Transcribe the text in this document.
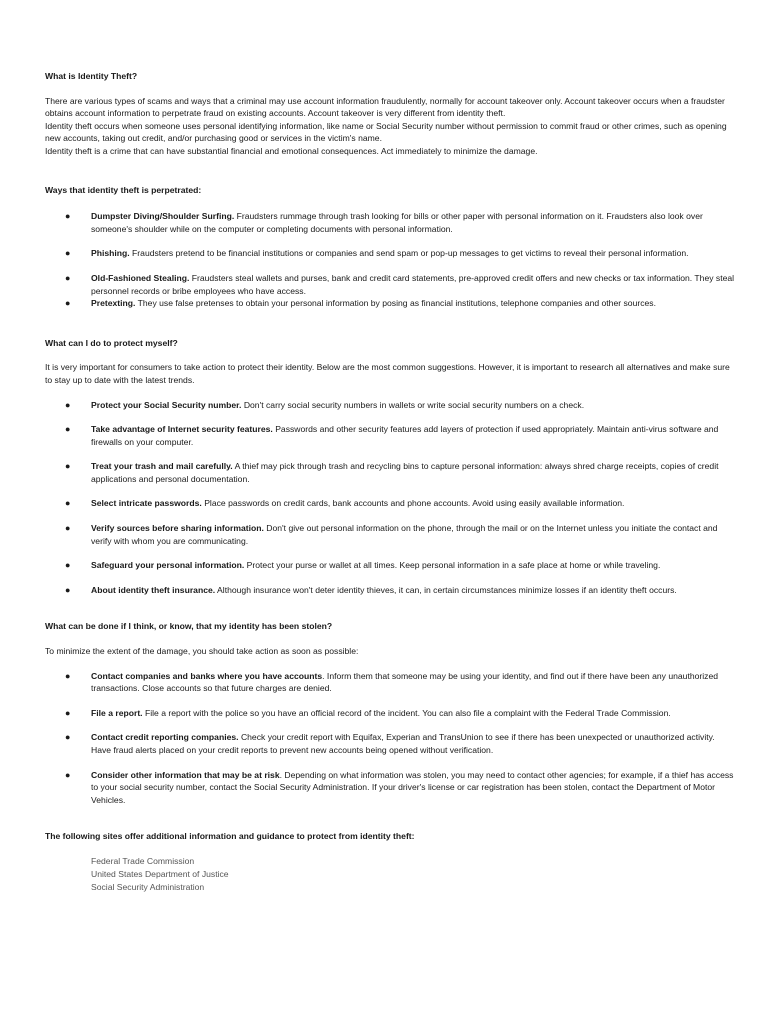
What is Identity Theft?

There are various types of scams and ways that a criminal may use account information fraudulently, normally for account takeover only. Account takeover occurs when a fraudster obtains account information to perpetrate fraud on existing accounts. Account takeover is very different from identity theft.

Identity theft occurs when someone uses personal identifying information, like name or Social Security number without permission to commit fraud or other crimes, such as opening new accounts, taking out credit, and/or purchasing good or services in the victim's name.

Identity theft is a crime that can have substantial financial and emotional consequences. Act immediately to minimize the damage.

Ways that identity theft is perpetrated:

● Dumpster Diving/Shoulder Surfing. Fraudsters rummage through trash looking for bills or other paper with personal information on it. Fraudsters also look over someone's shoulder while on the computer or completing documents with personal information.
● Phishing. Fraudsters pretend to be financial institutions or companies and send spam or pop-up messages to get victims to reveal their personal information.
● Old-Fashioned Stealing. Fraudsters steal wallets and purses, bank and credit card statements, pre-approved credit offers and new checks or tax information. They steal personnel records or bribe employees who have access.
● Pretexting. They use false pretenses to obtain your personal information by posing as financial institutions, telephone companies and other sources.

What can I do to protect myself?

It is very important for consumers to take action to protect their identity. Below are the most common suggestions. However, it is important to research all alternatives and make sure to stay up to date with the latest trends.

● Protect your Social Security number. Don't carry social security numbers in wallets or write social security numbers on a check.
● Take advantage of Internet security features. Passwords and other security features add layers of protection if used appropriately. Maintain anti-virus software and firewalls on your computer.
● Treat your trash and mail carefully. A thief may pick through trash and recycling bins to capture personal information: always shred charge receipts, copies of credit applications and personal documentation.
● Select intricate passwords. Place passwords on credit cards, bank accounts and phone accounts. Avoid using easily available information.
● Verify sources before sharing information. Don't give out personal information on the phone, through the mail or on the Internet unless you initiate the contact and verify with whom you are communicating.
● Safeguard your personal information. Protect your purse or wallet at all times. Keep personal information in a safe place at home or while traveling.
● About identity theft insurance. Although insurance won't deter identity thieves, it can, in certain circumstances minimize losses if an identity theft occurs.

What can be done if I think, or know, that my identity has been stolen?

To minimize the extent of the damage, you should take action as soon as possible:

● Contact companies and banks where you have accounts. Inform them that someone may be using your identity, and find out if there have been any unauthorized transactions. Close accounts so that future charges are denied.
● File a report. File a report with the police so you have an official record of the incident. You can also file a complaint with the Federal Trade Commission.
● Contact credit reporting companies. Check your credit report with Equifax, Experian and TransUnion to see if there has been unexpected or unauthorized activity. Have fraud alerts placed on your credit reports to prevent new accounts being opened without verification.
● Consider other information that may be at risk. Depending on what information was stolen, you may need to contact other agencies; for example, if a thief has access to your social security number, contact the Social Security Administration. If your driver's license or car registration has been stolen, contact the Department of Motor Vehicles.

The following sites offer additional information and guidance to protect from identity theft:

Federal Trade Commission
United States Department of Justice
Social Security Administration
